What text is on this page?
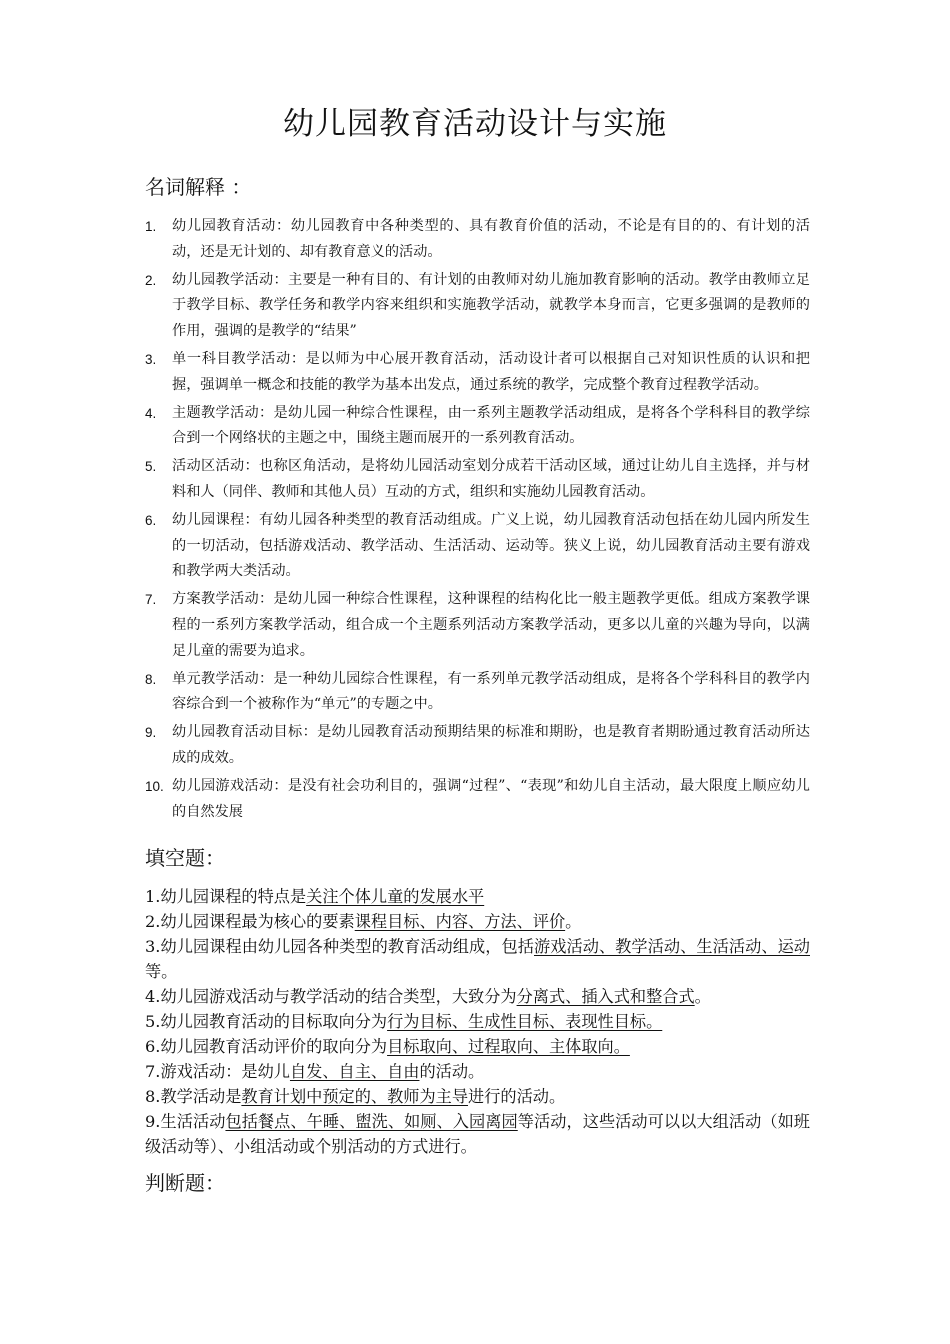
幼儿园教育活动设计与实施
名词解释 ：
1. 幼儿园教育活动：幼儿园教育中各种类型的、具有教育价值的活动，不论是有目的的、有计划的活动，还是无计划的、却有教育意义的活动。
2. 幼儿园教学活动：主要是一种有目的、有计划的由教师对幼儿施加教育影响的活动。教学由教师立足于教学目标、教学任务和教学内容来组织和实施教学活动，就教学本身而言，它更多强调的是教师的作用，强调的是教学的“结果”
3. 单一科目教学活动：是以师为中心展开教育活动，活动设计者可以根据自己对知识性质的认识和把握，强调单一概念和技能的教学为基本出发点，通过系统的教学，完成整个教育过程教学活动。
4. 主题教学活动：是幼儿园一种综合性课程，由一系列主题教学活动组成，是将各个学科科目的教学综合到一个网络状的主题之中，围绕主题而展开的一系列教育活动。
5. 活动区活动：也称区角活动，是将幼儿园活动室划分成若干活动区域，通过让幼儿自主选择，并与材料和人（同伴、教师和其他人员）互动的方式，组织和实施幼儿园教育活动。
6. 幼儿园课程：有幼儿园各种类型的教育活动组成。广义上说，幼儿园教育活动包括在幼儿园内所发生的一切活动，包括游戏活动、教学活动、生活活动、运动等。狭义上说，幼儿园教育活动主要有游戏和教学两大类活动。
7. 方案教学活动：是幼儿园一种综合性课程，这种课程的结构化比一般主题教学更低。组成方案教学课程的一系列方案教学活动，组合成一个主题系列活动方案教学活动，更多以儿童的兴趣为导向，以满足儿童的需要为追求。
8. 单元教学活动：是一种幼儿园综合性课程，有一系列单元教学活动组成，是将各个学科科目的教学内容综合到一个被称作为“单元”的专题之中。
9. 幼儿园教育活动目标：是幼儿园教育活动预期结果的标准和期盼，也是教育者期盼通过教育活动所达成的成效。
10. 幼儿园游戏活动：是没有社会功利目的，强调“过程”、“表现”和幼儿自主活动，最大限度上顺应幼儿的自然发展
填空题：
1.幼儿园课程的特点是关注个体儿童的发展水平
2.幼儿园课程最为核心的要素课程目标、内容、方法、评价。
3.幼儿园课程由幼儿园各种类型的教育活动组成，包括游戏活动、教学活动、生活活动、运动等。
4.幼儿园游戏活动与教学活动的结合类型，大致分为分离式、插入式和整合式。
5.幼儿园教育活动的目标取向分为行为目标、生成性目标、表现性目标。
6.幼儿园教育活动评价的取向分为目标取向、过程取向、主体取向。
7.游戏活动：是幼儿自发、自主、自由的活动。
8.教学活动是教育计划中预定的、教师为主导进行的活动。
9.生活活动包括餐点、午睡、盥洗、如厕、入园离园等活动，这些活动可以以大组活动（如班级活动等）、小组活动或个别活动的方式进行。
判断题：
